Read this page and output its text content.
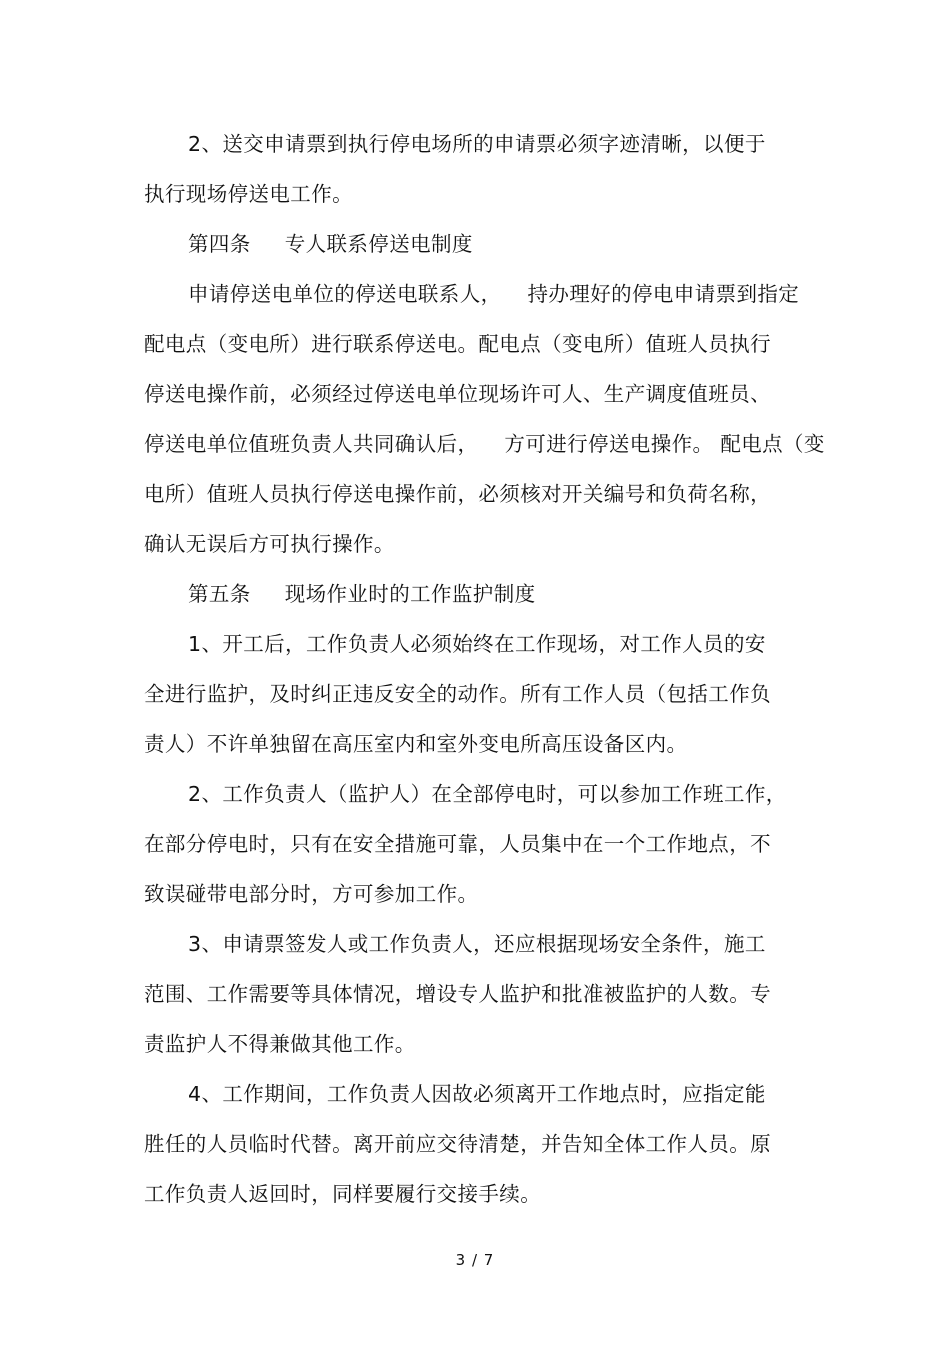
2、送交申请票到执行停电场所的申请票必须字迹清晰，以便于
执行现场停送电工作。
第四条 专人联系停送电制度
申请停送电单位的停送电联系人， 持办理好的停电申请票到指定
配电点（变电所）进行联系停送电。配电点（变电所）值班人员执行
停送电操作前，必须经过停送电单位现场许可人、生产调度值班员、
停送电单位值班负责人共同确认后， 方可进行停送电操作。 配电点（变
电所）值班人员执行停送电操作前，必须核对开关编号和负荷名称，
确认无误后方可执行操作。
第五条 现场作业时的工作监护制度
1、开工后，工作负责人必须始终在工作现场，对工作人员的安
全进行监护，及时纠正违反安全的动作。所有工作人员（包括工作负
责人）不许单独留在高压室内和室外变电所高压设备区内。
2、工作负责人（监护人）在全部停电时，可以参加工作班工作，
在部分停电时，只有在安全措施可靠，人员集中在一个工作地点，不
致误碰带电部分时，方可参加工作。
3、申请票签发人或工作负责人，还应根据现场安全条件，施工
范围、工作需要等具体情况，增设专人监护和批准被监护的人数。专
责监护人不得兼做其他工作。
4、工作期间，工作负责人因故必须离开工作地点时，应指定能
胜任的人员临时代替。离开前应交待清楚，并告知全体工作人员。原
工作负责人返回时，同样要履行交接手续。
3 / 7
